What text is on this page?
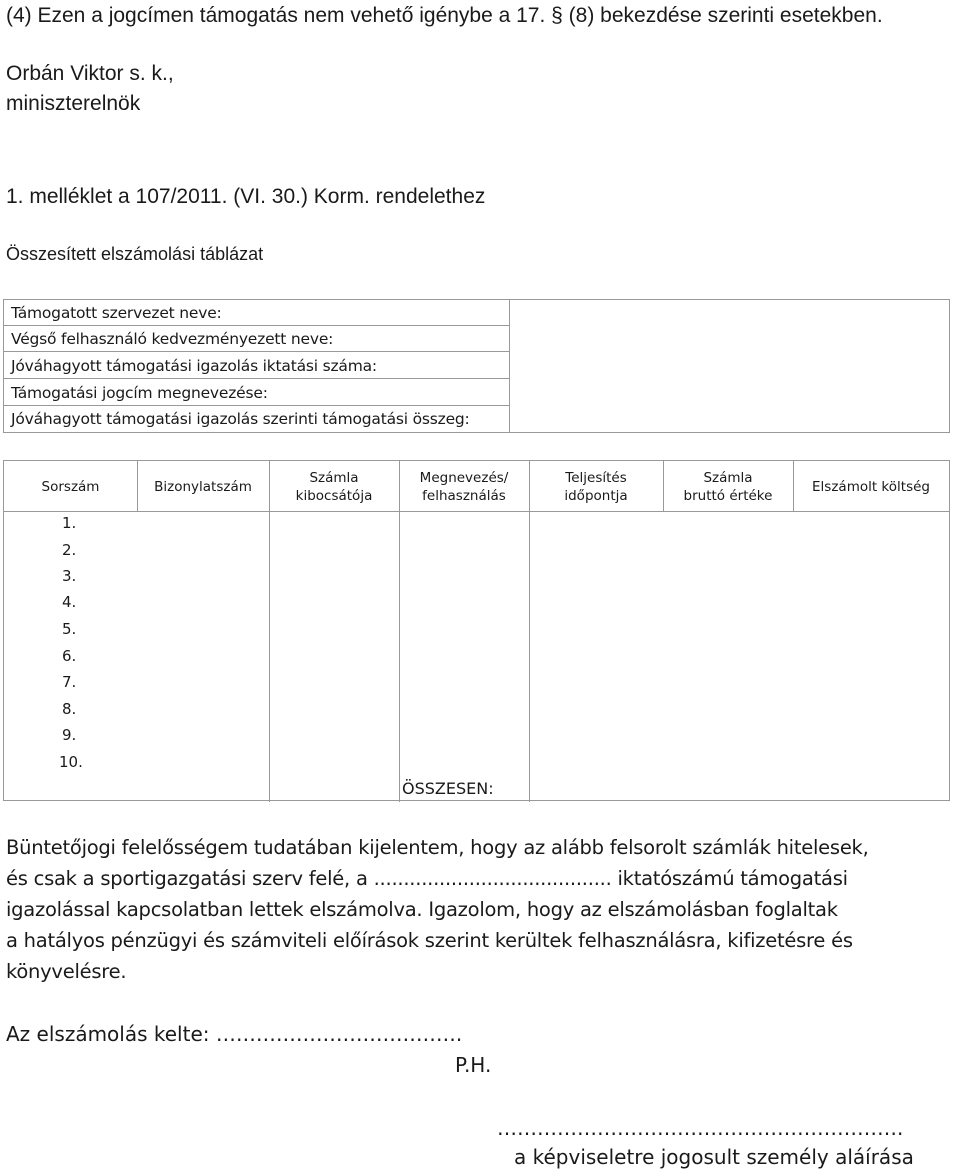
(4) Ezen a jogcímen támogatás nem vehető igénybe a 17. § (8) bekezdése szerinti esetekben.
Orbán Viktor s. k.,
miniszterelnök
1. melléklet a 107/2011. (VI. 30.) Korm. rendelethez
Összesített elszámolási táblázat
Támogatott szervezet neve:
Végső felhasználó kedvezményezett neve:
Jóváhagyott támogatási igazolás iktatási száma:
Támogatási jogcím megnevezése:
Jóváhagyott támogatási igazolás szerinti támogatási összeg:
Sorszám	Bizonylatszám
Számla kibocsátója
Megnevezés/ felhasználás
Teljesítés időpontja
Számla bruttó értéke
Elszámolt költség
1.
2.
3.
4.
5.
6.
7.
8.
9.
10.
ÖSSZESEN:
Büntetőjogi felelősségem tudatában kijelentem, hogy az alább felsorolt számlák hitelesek,
és csak a sportigazgatási szerv felé, a ........................................ iktatószámú támogatási
igazolással kapcsolatban lettek elszámolva. Igazolom, hogy az elszámolásban foglaltak
a hatályos pénzügyi és számviteli előírások szerint kerültek felhasználásra, kifizetésre és
könyvelésre.
Az elszámolás kelte: ……………………………….
P.H.
…………………………………………………….
a képviseletre jogosult személy aláírása
